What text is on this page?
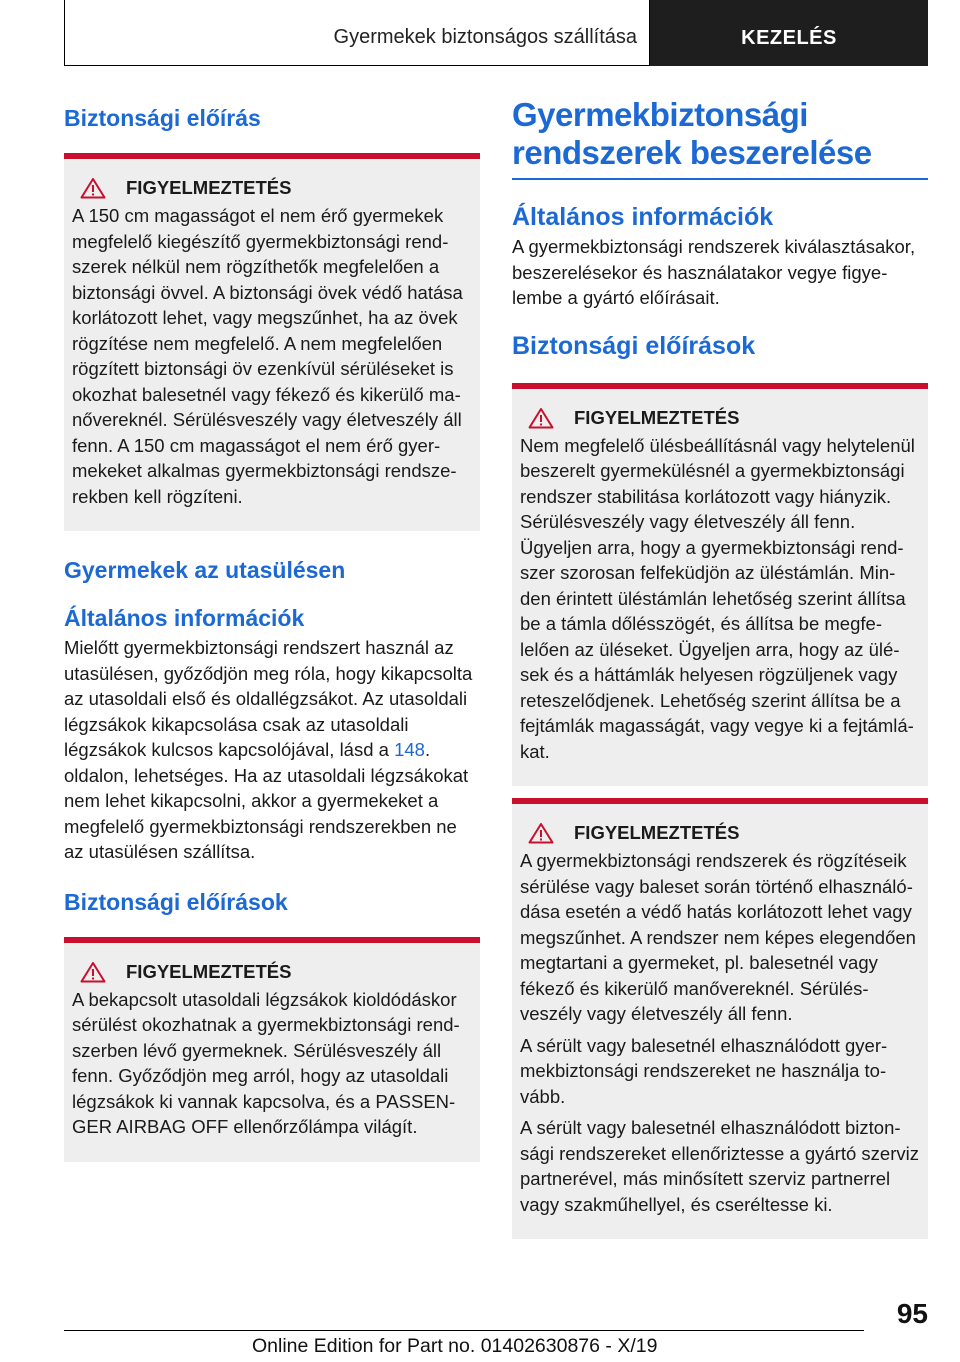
Gyermekek biztonságos szállítása	KEZELÉS
Biztonsági előírás
FIGYELMEZTETÉS

A 150 cm magasságot el nem érő gyermekek megfelelő kiegészítő gyermekbiztonsági rendszerek nélkül nem rögzíthetők megfelelően a biztonsági övvel. A biztonsági övek védő hatása korlátozott lehet, vagy megszűnhet, ha az övek rögzítése nem megfelelő. A nem megfelelően rögzített biztonsági öv ezenkívül sérüléseket is okozhat balesetnél vagy fékező és kikerülő manővereknél. Sérülésveszély vagy életveszély áll fenn. A 150 cm magasságot el nem érő gyermekeket alkalmas gyermekbiztonsági rendszerekben kell rögzíteni.

Gyermekek az utasülésen
Általános információk

Mielőtt gyermekbiztonsági rendszert használ az utasülésen, győződjön meg róla, hogy kikapcsolta az utasoldali első és oldallégzsákot. Az utasoldali légzsákok kikapcsolása csak az utasoldali légzsákok kulcsos kapcsolójával, lásd a 148. oldalon, lehetséges. Ha az utasoldali légzsákokat nem lehet kikapcsolni, akkor a gyermekeket a megfelelő gyermekbiztonsági rendszerekben ne az utasülésen szállítsa.

Biztonsági előírások
FIGYELMEZTETÉS

A bekapcsolt utasoldali légzsákok kioldódáskor sérülést okozhatnak a gyermekbiztonsági rendszerben lévő gyermeknek. Sérülésveszély áll fenn. Győződjön meg arról, hogy az utasoldali légzsákok ki vannak kapcsolva, és a PASSENGER AIRBAG OFF ellenőrzőlámpa világít.

Gyermekbiztonsági rendszerek beszerelése
Általános információk

A gyermekbiztonsági rendszerek kiválasztásakor, beszerelésekor és használatakor vegye figyelembe a gyártó előírásait.

Biztonsági előírások
FIGYELMEZTETÉS

Nem megfelelő ülésbeállításnál vagy helytelenül beszerelt gyermekülésnél a gyermekbiztonsági rendszer stabilitása korlátozott vagy hiányzik. Sérülésveszély vagy életveszély áll fenn. Ügyeljen arra, hogy a gyermekbiztonsági rendszer szorosan felfeküdjön az üléstámlán. Minden érintett üléstámlán lehetőség szerint állítsa be a támla dőlésszögét, és állítsa be megfelelően az üléseket. Ügyeljen arra, hogy az ülések és a háttámlák helyesen rögzüljenek vagy reteszelődjenek. Lehetőség szerint állítsa be a fejtámlák magasságát, vagy vegye ki a fejtámlákat.

FIGYELMEZTETÉS

A gyermekbiztonsági rendszerek és rögzítéseik sérülése vagy baleset során történő elhasználódása esetén a védő hatás korlátozott lehet vagy megszűnhet. A rendszer nem képes elegendően megtartani a gyermeket, pl. balesetnél vagy fékező és kikerülő manővereknél. Sérülésveszély vagy életveszély áll fenn.

A sérült vagy balesetnél elhasználódott gyermekbiztonsági rendszereket ne használja tovább.

A sérült vagy balesetnél elhasználódott biztonsági rendszereket ellenőriztesse a gyártó szerviz partnerével, más minősített szerviz partnerrel vagy szakműhellyel, és cseréltesse ki.

95
Online Edition for Part no. 01402630876 - X/19
